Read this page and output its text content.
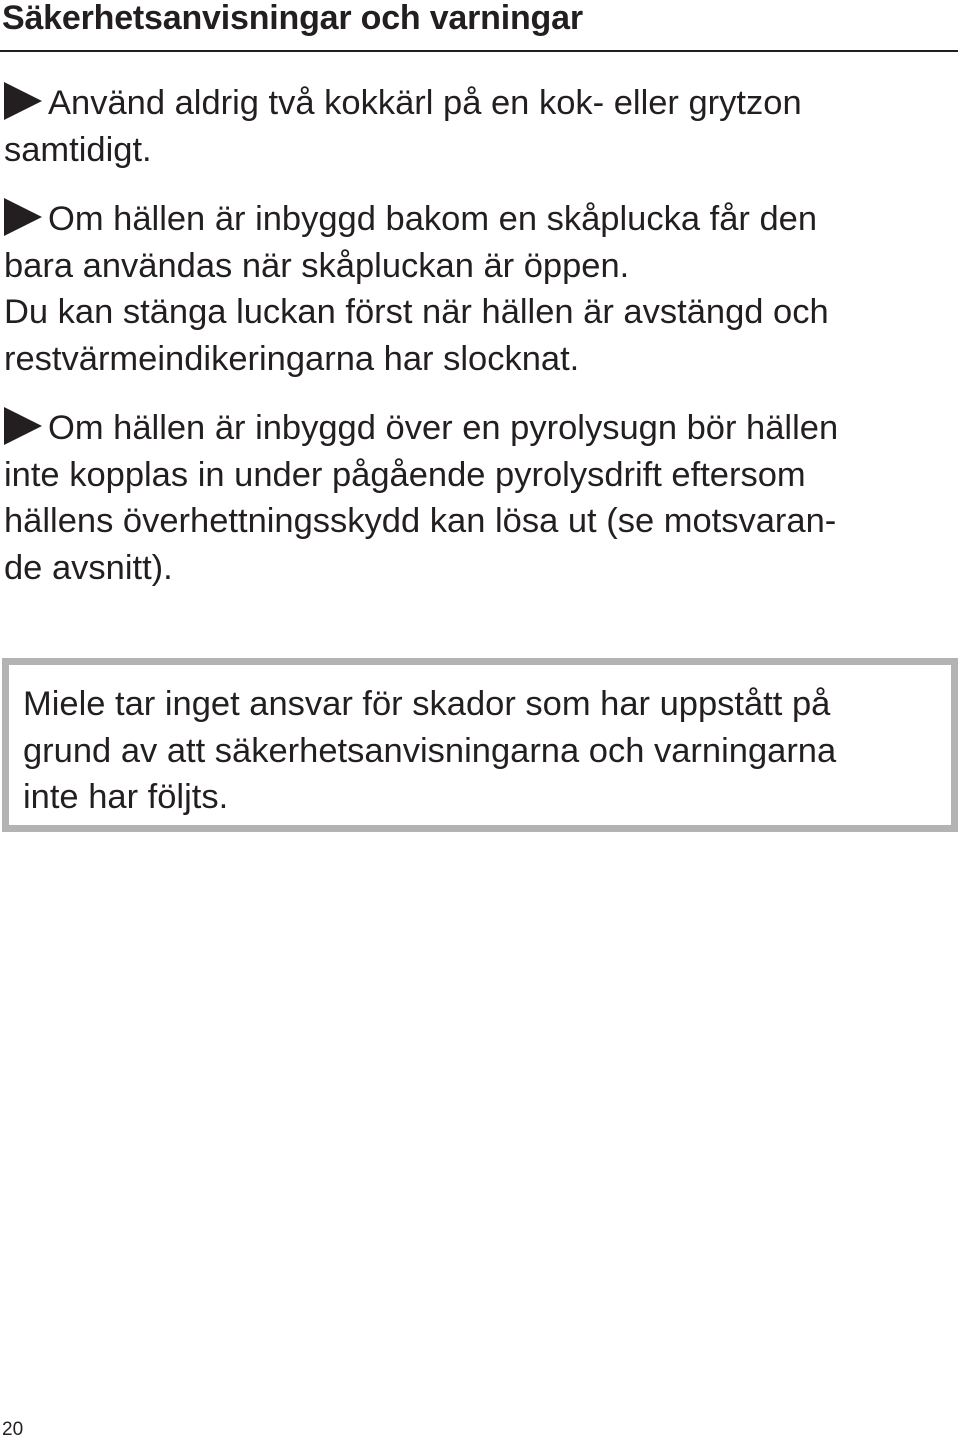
Säkerhetsanvisningar och varningar

Använd aldrig två kokkärl på en kok- eller grytzon
samtidigt.

Om hällen är inbyggd bakom en skåplucka får den
bara användas när skåpluckan är öppen.
Du kan stänga luckan först när hällen är avstängd och
restvärmeindikeringarna har slocknat.

Om hällen är inbyggd över en pyrolysugn bör hällen
inte kopplas in under pågående pyrolysdrift eftersom
hällens överhettningsskydd kan lösa ut (se motsvaran-
de avsnitt).

Miele tar inget ansvar för skador som har uppstått på
grund av att säkerhetsanvisningarna och varningarna
inte har följts.

20
